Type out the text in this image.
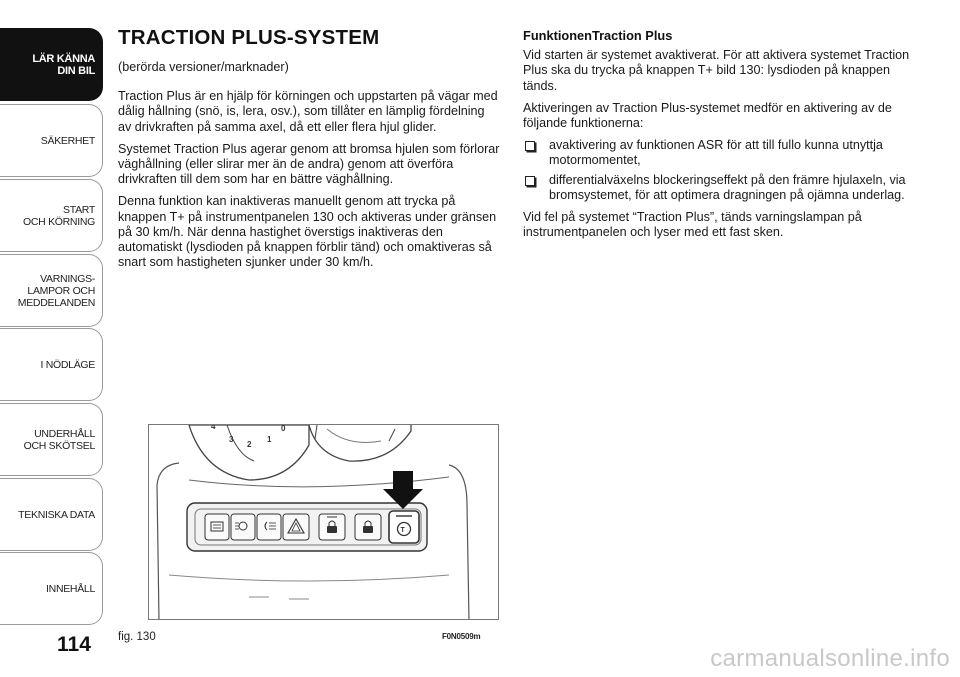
LÄR KÄNNA
DIN BIL
SÄKERHET
START
OCH KÖRNING
VARNINGS-
LAMPOR OCH
MEDDELANDEN
I NÖDLÄGE
UNDERHÅLL
OCH SKÖTSEL
TEKNISKA DATA
INNEHÅLL
114
TRACTION PLUS-SYSTEM

(berörda versioner/marknader)

Traction Plus är en hjälp för körningen och uppstarten på vägar med dålig hållning (snö, is, lera, osv.), som tillåter en lämplig fördelning av drivkraften på samma axel, då ett eller flera hjul glider.

Systemet Traction Plus agerar genom att bromsa hjulen som förlorar väghållning (eller slirar mer än de andra) genom att överföra drivkraften till dem som har en bättre väghållning.

Denna funktion kan inaktiveras manuellt genom att trycka på knappen T+ på instrumentpanelen 130 och aktiveras under gränsen på 30 km/h. När denna hastighet överstigs inaktiveras den automatiskt (lysdioden på knappen förblir tänd) och omaktiveras så snart som hastigheten sjunker under 30 km/h.

FunktionenTraction Plus

Vid starten är systemet avaktiverat. För att aktivera systemet Traction Plus ska du trycka på knappen T+ bild 130: lysdioden på knappen tänds.

Aktiveringen av Traction Plus-systemet medför en aktivering av de följande funktionerna:

avaktivering av funktionen ASR för att till fullo kunna utnyttja motormomentet,
differentialväxelns blockeringseffekt på den främre hjulaxeln, via bromsystemet, för att optimera dragningen på ojämna underlag.

Vid fel på systemet “Traction Plus”, tänds varningslampan på instrumentpanelen och lyser med ett fast sken.

4
3
2
1
0
T
fig. 130	F0N0509m
carmanualsonline.info
